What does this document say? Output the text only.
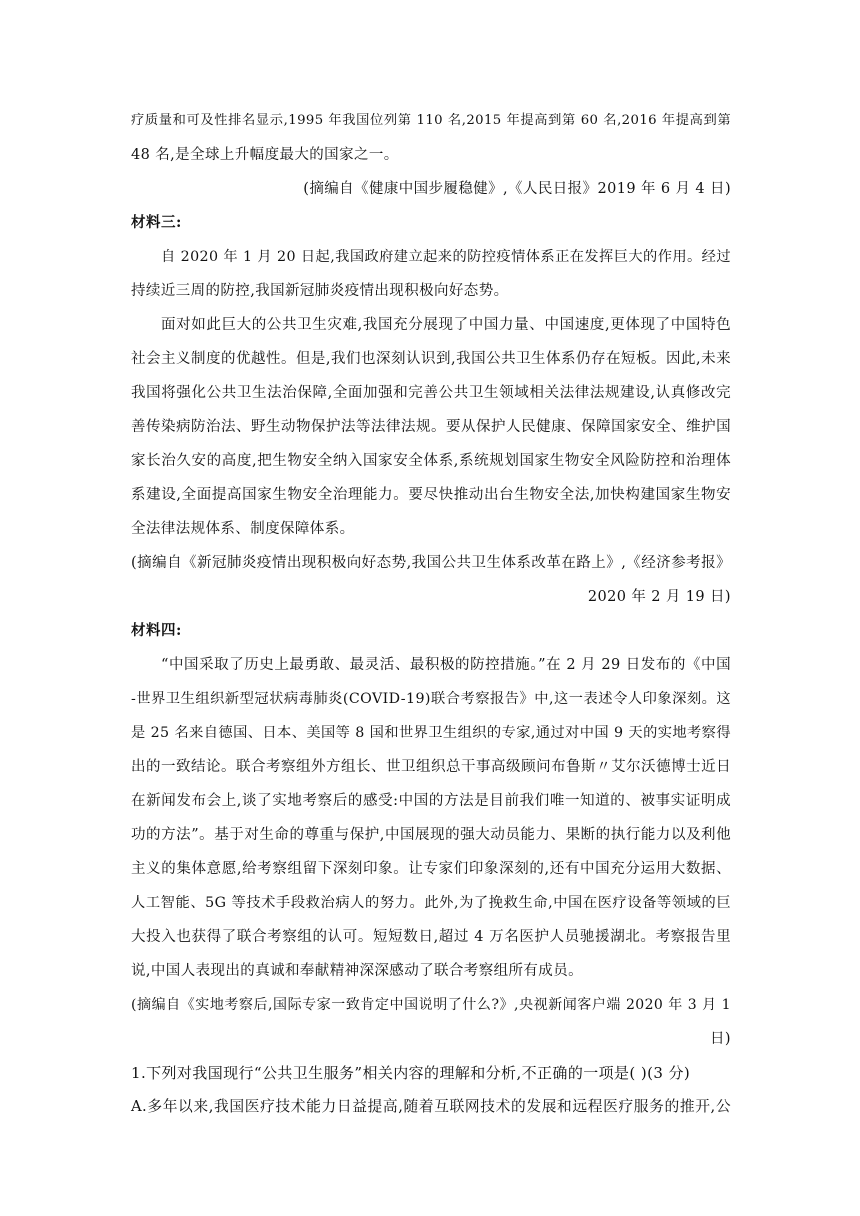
疗质量和可及性排名显示,1995 年我国位列第 110 名,2015 年提高到第 60 名,2016 年提高到第
48 名,是全球上升幅度最大的国家之一。
(摘编自《健康中国步履稳健》,《人民日报》2019 年 6 月 4 日)
材料三:
自 2020 年 1 月 20 日起,我国政府建立起来的防控疫情体系正在发挥巨大的作用。经过
持续近三周的防控,我国新冠肺炎疫情出现积极向好态势。
面对如此巨大的公共卫生灾难,我国充分展现了中国力量、中国速度,更体现了中国特色
社会主义制度的优越性。但是,我们也深刻认识到,我国公共卫生体系仍存在短板。因此,未来
我国将强化公共卫生法治保障,全面加强和完善公共卫生领域相关法律法规建设,认真修改完
善传染病防治法、野生动物保护法等法律法规。要从保护人民健康、保障国家安全、维护国
家长治久安的高度,把生物安全纳入国家安全体系,系统规划国家生物安全风险防控和治理体
系建设,全面提高国家生物安全治理能力。要尽快推动出台生物安全法,加快构建国家生物安
全法律法规体系、制度保障体系。
(摘编自《新冠肺炎疫情出现积极向好态势,我国公共卫生体系改革在路上》,《经济参考报》
2020 年 2 月 19 日)
材料四:
“中国采取了历史上最勇敢、最灵活、最积极的防控措施。”在 2 月 29 日发布的《中国
-世界卫生组织新型冠状病毒肺炎(COVID-19)联合考察报告》中,这一表述令人印象深刻。这
是 25 名来自德国、日本、美国等 8 国和世界卫生组织的专家,通过对中国 9 天的实地考察得
出的一致结论。联合考察组外方组长、世卫组织总干事高级顾问布鲁斯〃艾尔沃德博士近日
在新闻发布会上,谈了实地考察后的感受:中国的方法是目前我们唯一知道的、被事实证明成
功的方法”。基于对生命的尊重与保护,中国展现的强大动员能力、果断的执行能力以及利他
主义的集体意愿,给考察组留下深刻印象。让专家们印象深刻的,还有中国充分运用大数据、
人工智能、5G 等技术手段救治病人的努力。此外,为了挽救生命,中国在医疗设备等领域的巨
大投入也获得了联合考察组的认可。短短数日,超过 4 万名医护人员驰援湖北。考察报告里
说,中国人表现出的真诚和奉献精神深深感动了联合考察组所有成员。
(摘编自《实地考察后,国际专家一致肯定中国说明了什么?》,央视新闻客户端 2020 年 3 月 1
日)
1.下列对我国现行“公共卫生服务”相关内容的理解和分析,不正确的一项是( )(3 分)
A.多年以来,我国医疗技术能力日益提高,随着互联网技术的发展和远程医疗服务的推开,公
